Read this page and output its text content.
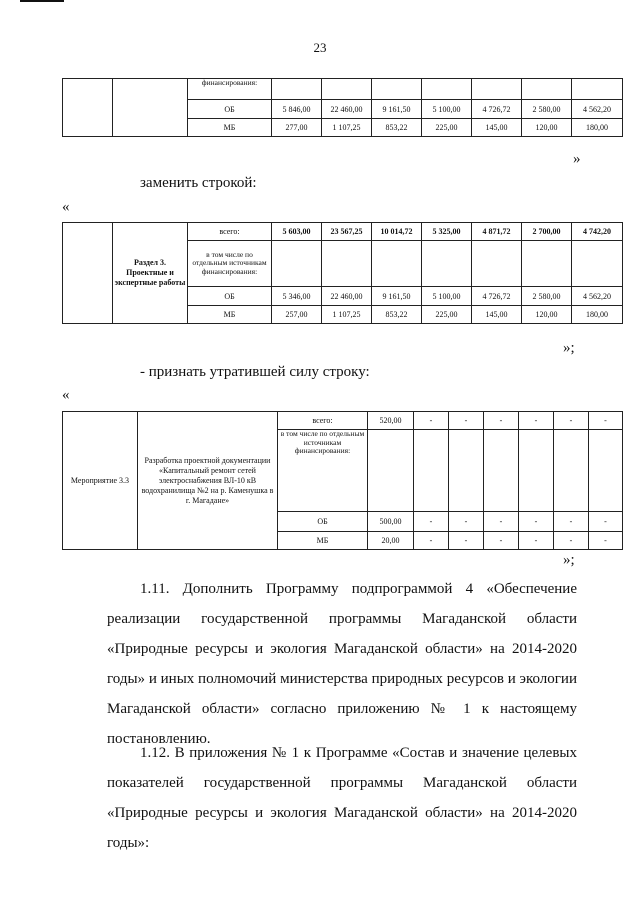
23
		финансирования:							
		ОБ	5 846,00	22 460,00	9 161,50	5 100,00	4 726,72	2 580,00	4 562,20
		МБ	277,00	1 107,25	853,22	225,00	145,00	120,00	180,00
»
заменить строкой:
«
	Раздел 3. Проектные и экспертные работы	всего:	5 603,00	23 567,25	10 014,72	5 325,00	4 871,72	2 700,00	4 742,20
		в том числе по отдельным источникам финансирования:							
		ОБ	5 346,00	22 460,00	9 161,50	5 100,00	4 726,72	2 580,00	4 562,20
		МБ	257,00	1 107,25	853,22	225,00	145,00	120,00	180,00
»;
- признать утратившей силу строку:
«
Мероприятие 3.3	Разработка проектной документации «Капитальный ремонт сетей электроснабжения ВЛ-10 кВ водохранилища №2 на р. Каменушка в г. Магадане»	всего:	520,00	-	-	-	-	-	-
		в том числе по отдельным источникам финансирования:							
		ОБ	500,00	-	-	-	-	-	-
		МБ	20,00	-	-	-	-	-	-
»;
1.11. Дополнить Программу подпрограммой 4 «Обеспечение
реализации государственной программы Магаданской области
«Природные ресурсы и экология Магаданской области» на 2014-2020
годы» и иных полномочий министерства природных ресурсов и экологии
Магаданской области» согласно приложению № 1 к настоящему
постановлению.
1.12. В приложения № 1 к Программе «Состав и значение целевых
показателей государственной программы Магаданской области
«Природные ресурсы и экология Магаданской области» на 2014-2020
годы»:
